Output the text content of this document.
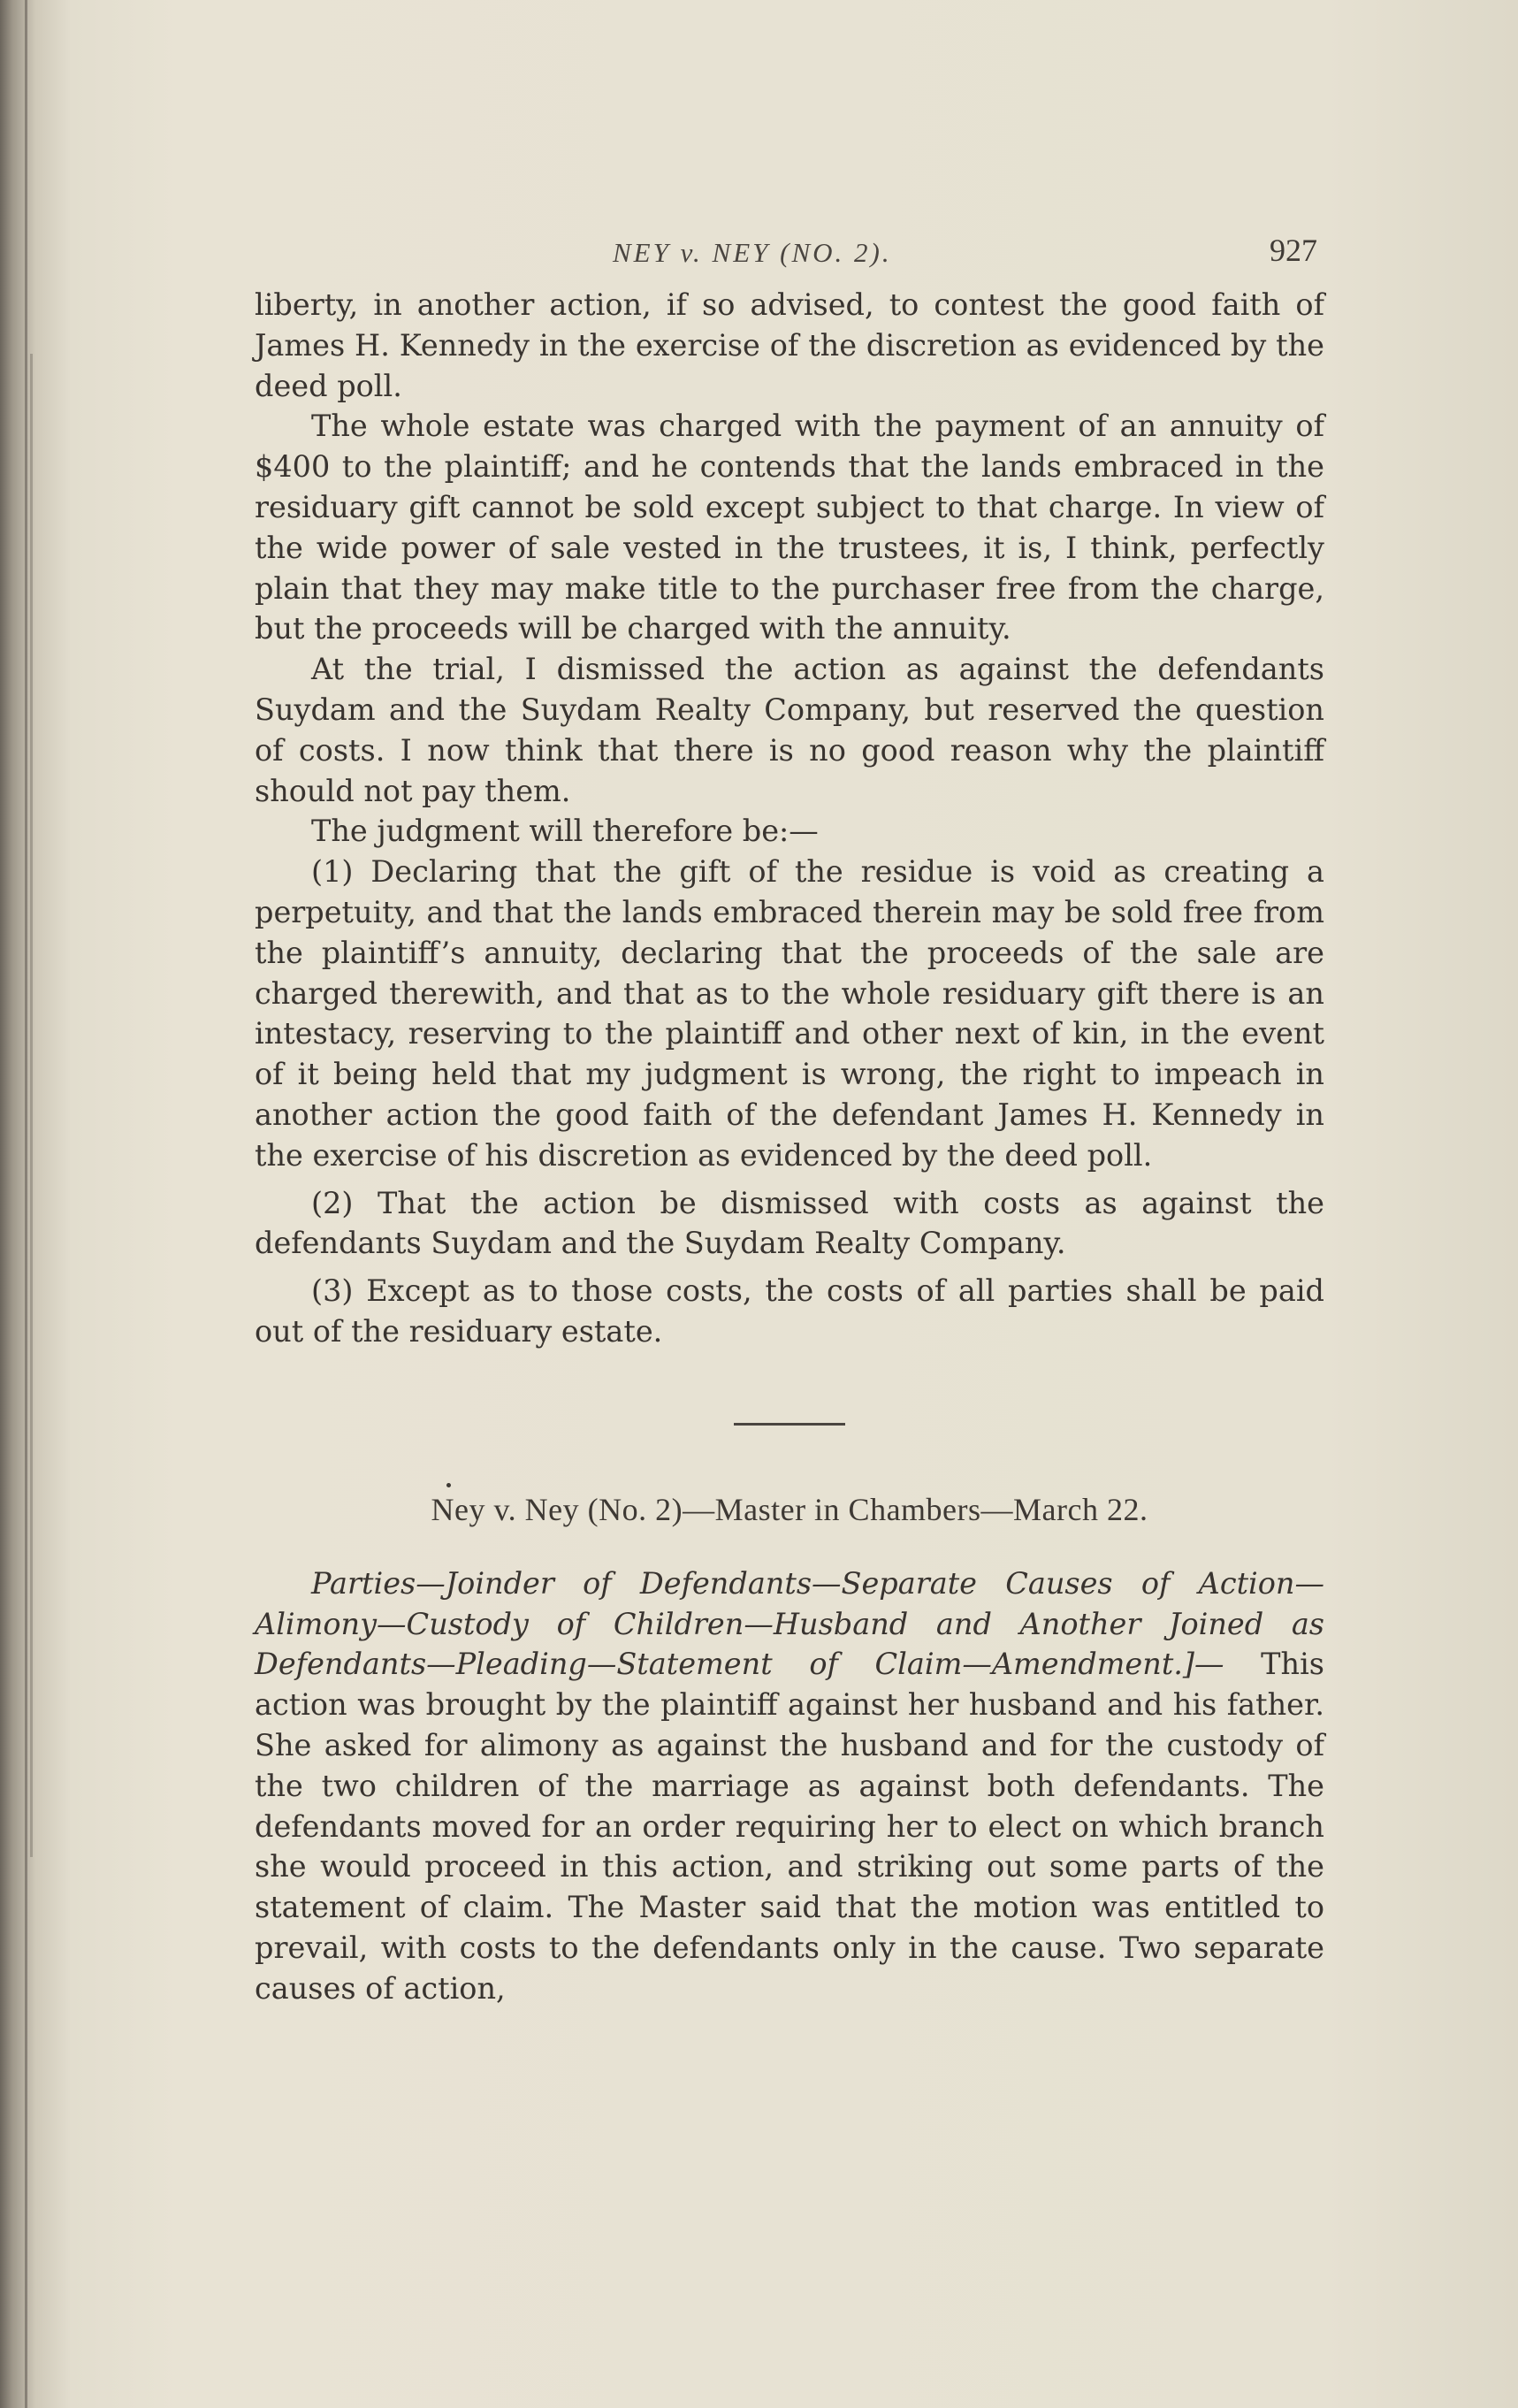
NEY v. NEY (NO. 2).	927

liberty, in another action, if so advised, to contest the good faith of James H. Kennedy in the exercise of the discretion as evidenced by the deed poll.

The whole estate was charged with the payment of an annuity of $400 to the plaintiff; and he contends that the lands embraced in the residuary gift cannot be sold except subject to that charge. In view of the wide power of sale vested in the trustees, it is, I think, perfectly plain that they may make title to the purchaser free from the charge, but the proceeds will be charged with the annuity.

At the trial, I dismissed the action as against the defendants Suydam and the Suydam Realty Company, but reserved the question of costs. I now think that there is no good reason why the plaintiff should not pay them.

The judgment will therefore be:—

(1) Declaring that the gift of the residue is void as creating a perpetuity, and that the lands embraced therein may be sold free from the plaintiff’s annuity, declaring that the proceeds of the sale are charged therewith, and that as to the whole residuary gift there is an intestacy, reserving to the plaintiff and other next of kin, in the event of it being held that my judgment is wrong, the right to impeach in another action the good faith of the defendant James H. Kennedy in the exercise of his discretion as evidenced by the deed poll.

(2) That the action be dismissed with costs as against the defendants Suydam and the Suydam Realty Company.

(3) Except as to those costs, the costs of all parties shall be paid out of the residuary estate.

Ney v. Ney (No. 2)—Master in Chambers—March 22.

Parties—Joinder of Defendants—Separate Causes of Action—Alimony—Custody of Children—Husband and Another Joined as Defendants—Pleading—Statement of Claim—Amendment.]— This action was brought by the plaintiff against her husband and his father. She asked for alimony as against the husband and for the custody of the two children of the marriage as against both defendants. The defendants moved for an order requiring her to elect on which branch she would proceed in this action, and striking out some parts of the statement of claim. The Master said that the motion was entitled to prevail, with costs to the defendants only in the cause. Two separate causes of action,
